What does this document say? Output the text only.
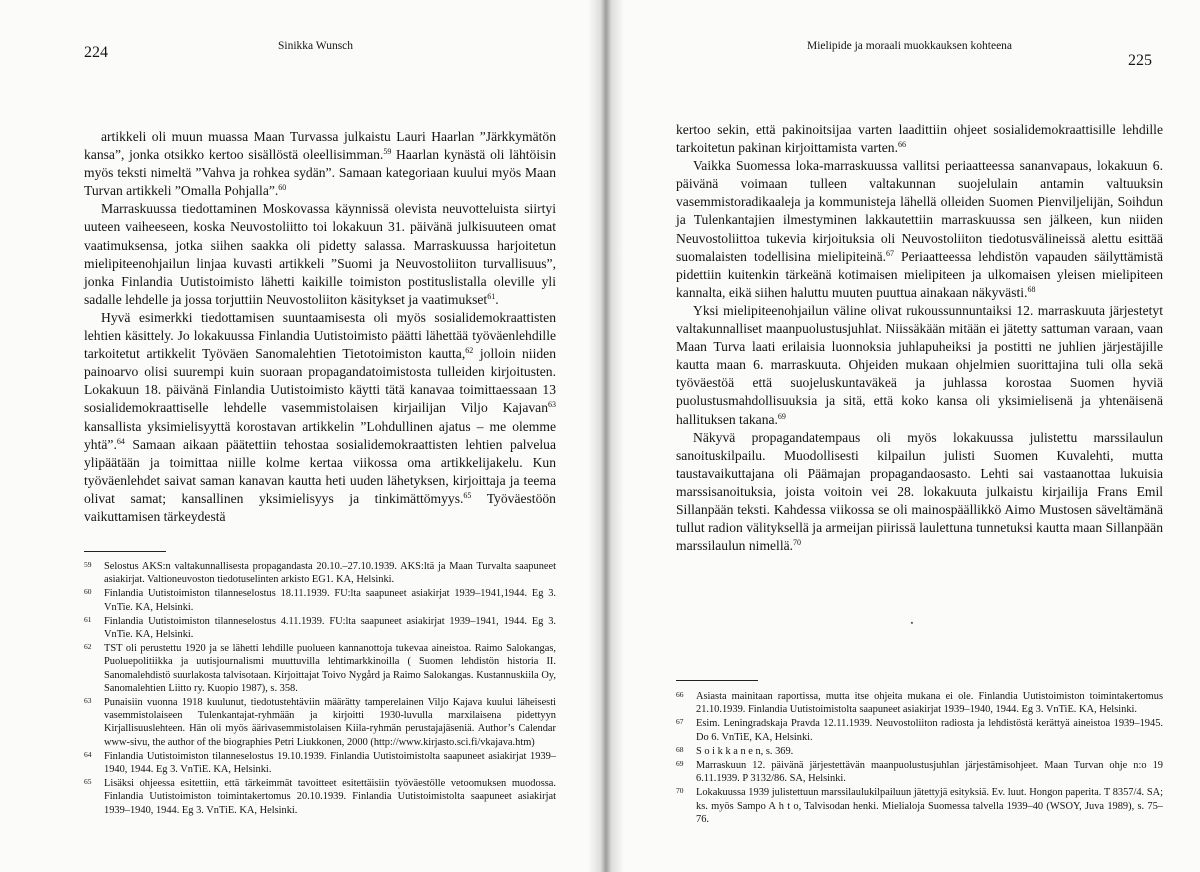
224	Sinikka Wunsch

artikkeli oli muun muassa Maan Turvassa julkaistu Lauri Haarlan ”Järkkymätön kansa”, jonka otsikko kertoo sisällöstä oleellisimman.$^{59}$ Haarlan kynästä oli lähtöisin myös teksti nimeltä ”Vahva ja rohkea sydän”. Samaan kategoriaan kuului myös Maan Turvan artikkeli ”Omalla Pohjalla”.$^{60}$

Marraskuussa tiedottaminen Moskovassa käynnissä olevista neuvotteluista siirtyi uuteen vaiheeseen, koska Neuvostoliitto toi lokakuun 31. päivänä julkisuuteen omat vaatimuksensa, jotka siihen saakka oli pidetty salassa. Marraskuussa harjoitetun mielipiteenohjailun linjaa kuvasti artikkeli ”Suomi ja Neuvostoliiton turvallisuus”, jonka Finlandia Uutistoimisto lähetti kaikille toimiston postituslistalla oleville yli sadalle lehdelle ja jossa torjuttiin Neuvostoliiton käsitykset ja vaatimukset$^{61}$.

Hyvä esimerkki tiedottamisen suuntaamisesta oli myös sosialidemokraattisten lehtien käsittely. Jo lokakuussa Finlandia Uutistoimisto päätti lähettää työväenlehdille tarkoitetut artikkelit Työväen Sanomalehtien Tietotoimiston kautta,$^{62}$ jolloin niiden painoarvo olisi suurempi kuin suoraan propagandatoimistosta tulleiden kirjoitusten. Lokakuun 18. päivänä Finlandia Uutistoimisto käytti tätä kanavaa toimittaessaan 13 sosialidemokraattiselle lehdelle vasemmistolaisen kirjailijan Viljo Kajavan$^{63}$ kansallista yksimielisyyttä korostavan artikkelin ”Lohdullinen ajatus – me olemme yhtä”.$^{64}$ Samaan aikaan päätettiin tehostaa sosialidemokraattisten lehtien palvelua ylipäätään ja toimittaa niille kolme kertaa viikossa oma artikkelijakelu. Kun työväenlehdet saivat saman kanavan kautta heti uuden lähetyksen, kirjoittaja ja teema olivat samat; kansallinen yksimielisyys ja tinkimättömyys.$^{65}$ Työväestöön vaikuttamisen tärkeydestä

59 Selostus AKS:n valtakunnallisesta propagandasta 20.10.–27.10.1939. AKS:ltä ja Maan Turvalta saapuneet asiakirjat. Valtioneuvoston tiedotuselinten arkisto EG1. KA, Helsinki.
60 Finlandia Uutistoimiston tilanneselostus 18.11.1939. FU:lta saapuneet asiakirjat 1939–1941,1944. Eg 3. VnTie. KA, Helsinki.
61 Finlandia Uutistoimiston tilanneselostus 4.11.1939. FU:lta saapuneet asiakirjat 1939–1941, 1944. Eg 3. VnTie. KA, Helsinki.
62 TST oli perustettu 1920 ja se lähetti lehdille puolueen kannanottoja tukevaa aineistoa. Raimo Salokangas, Puoluepolitiikka ja uutisjournalismi muuttuvilla lehtimarkkinoilla ( Suomen lehdistön historia II. Sanomalehdistö suurlakosta talvisotaan. Kirjoittajat Toivo Nygård ja Raimo Salokangas. Kustannuskiila Oy, Sanomalehtien Liitto ry. Kuopio 1987), s. 358.
63 Punaisiin vuonna 1918 kuulunut, tiedotustehtäviin määrätty tamperelainen Viljo Kajava kuului läheisesti vasemmistolaiseen Tulenkantajat-ryhmään ja kirjoitti 1930-luvulla marxilaisena pidettyyn Kirjallisuuslehteen. Hän oli myös äärivasemmistolaisen Kiila-ryhmän perustajajäseniä. Author’s Calendar www-sivu, the author of the biographies Petri Liukkonen, 2000 (http://www.kirjasto.sci.fi/vkajava.htm)
64 Finlandia Uutistoimiston tilanneselostus 19.10.1939. Finlandia Uutistoimistolta saapuneet asiakirjat 1939–1940, 1944. Eg 3. VnTiE. KA, Helsinki.
65 Lisäksi ohjeessa esitettiin, että tärkeimmät tavoitteet esitettäisiin työväestölle vetoomuksen muodossa. Finlandia Uutistoimiston toimintakertomus 20.10.1939. Finlandia Uutistoimistolta saapuneet asiakirjat 1939–1940, 1944. Eg 3. VnTiE. KA, Helsinki.
Mielipide ja moraali muokkauksen kohteena
225

kertoo sekin, että pakinoitsijaa varten laadittiin ohjeet sosialidemokraattisille lehdille tarkoitetun pakinan kirjoittamista varten.$^{66}$

Vaikka Suomessa loka-marraskuussa vallitsi periaatteessa sananvapaus, lokakuun 6. päivänä voimaan tulleen valtakunnan suojelulain antamin valtuuksin vasemmistoradikaaleja ja kommunisteja lähellä olleiden Suomen Pienviljelijän, Soihdun ja Tulenkantajien ilmestyminen lakkautettiin marraskuussa sen jälkeen, kun niiden Neuvostoliittoa tukevia kirjoituksia oli Neuvostoliiton tiedotusvälineissä alettu esittää suomalaisten todellisina mielipiteinä.$^{67}$ Periaatteessa lehdistön vapauden säilyttämistä pidettiin kuitenkin tärkeänä kotimaisen mielipiteen ja ulkomaisen yleisen mielipiteen kannalta, eikä siihen haluttu muuten puuttua ainakaan näkyvästi.$^{68}$

Yksi mielipiteenohjailun väline olivat rukoussunnuntaiksi 12. marraskuuta järjestetyt valtakunnalliset maanpuolustusjuhlat. Niissäkään mitään ei jätetty sattuman varaan, vaan Maan Turva laati erilaisia luonnoksia juhlapuheiksi ja postitti ne juhlien järjestäjille kautta maan 6. marraskuuta. Ohjeiden mukaan ohjelmien suorittajina tuli olla sekä työväestöä että suojeluskuntaväkeä ja juhlassa korostaa Suomen hyviä puolustusmahdollisuuksia ja sitä, että koko kansa oli yksimielisenä ja yhtenäisenä hallituksen takana.$^{69}$

Näkyvä propagandatempaus oli myös lokakuussa julistettu marssilaulun sanoituskilpailu. Muodollisesti kilpailun julisti Suomen Kuvalehti, mutta taustavaikuttajana oli Päämajan propagandaosasto. Lehti sai vastaanottaa lukuisia marssisanoituksia, joista voitoin vei 28. lokakuuta julkaistu kirjailija Frans Emil Sillanpään teksti. Kahdessa viikossa se oli mainospäällikkö Aimo Mustosen säveltämänä tullut radion välityksellä ja armeijan piirissä laulettuna tunnetuksi kautta maan Sillanpään marssilaulun nimellä.$^{70}$

⸼
66 Asiasta mainitaan raportissa, mutta itse ohjeita mukana ei ole. Finlandia Uutistoimiston toimintakertomus 21.10.1939. Finlandia Uutistoimistolta saapuneet asiakirjat 1939–1940, 1944. Eg 3. VnTiE. KA, Helsinki.
67 Esim. Leningradskaja Pravda 12.11.1939. Neuvostoliiton radiosta ja lehdistöstä kerättyä aineistoa 1939–1945. Do 6. VnTiE, KA, Helsinki.
68 S o i k k a n e n, s. 369.
69 Marraskuun 12. päivänä järjestettävän maanpuolustusjuhlan järjestämisohjeet. Maan Turvan ohje n:o 19 6.11.1939. P 3132/86. SA, Helsinki.
70 Lokakuussa 1939 julistettuun marssilaulukilpailuun jätettyjä esityksiä. Ev. luut. Hongon paperita. T 8357/4. SA; ks. myös Sampo A h t o, Talvisodan henki. Mielialoja Suomessa talvella 1939–40 (WSOY, Juva 1989), s. 75–76.
